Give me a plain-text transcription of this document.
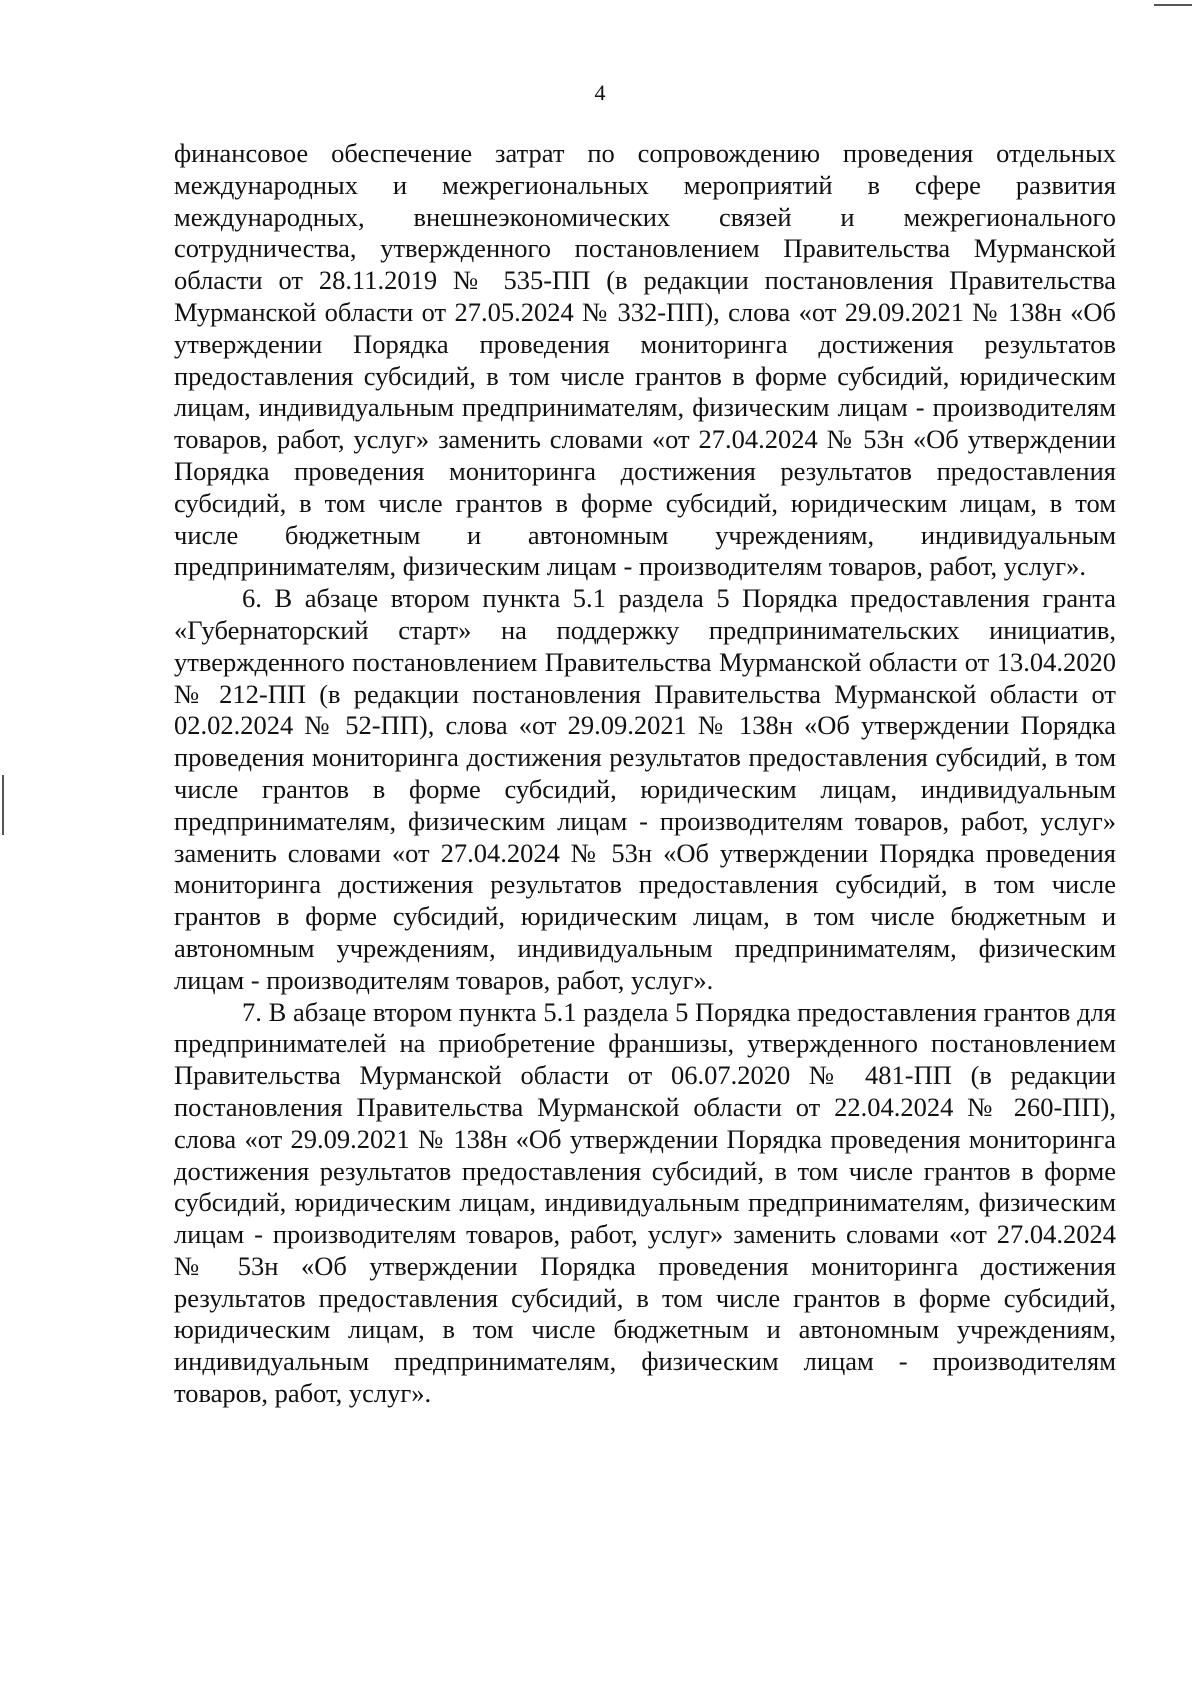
4

финансовое обеспечение затрат по сопровождению проведения отдельных международных и межрегиональных мероприятий в сфере развития международных, внешнеэкономических связей и межрегионального сотрудничества, утвержденного постановлением Правительства Мурманской области от 28.11.2019 № 535-ПП (в редакции постановления Правительства Мурманской области от 27.05.2024 № 332-ПП), слова «от 29.09.2021 № 138н «Об утверждении Порядка проведения мониторинга достижения результатов предоставления субсидий, в том числе грантов в форме субсидий, юридическим лицам, индивидуальным предпринимателям, физическим лицам - производителям товаров, работ, услуг» заменить словами «от 27.04.2024 № 53н «Об утверждении Порядка проведения мониторинга достижения результатов предоставления субсидий, в том числе грантов в форме субсидий, юридическим лицам, в том числе бюджетным и автономным учреждениям, индивидуальным предпринимателям, физическим лицам - производителям товаров, работ, услуг».

6. В абзаце втором пункта 5.1 раздела 5 Порядка предоставления гранта «Губернаторский старт» на поддержку предпринимательских инициатив, утвержденного постановлением Правительства Мурманской области от 13.04.2020 № 212-ПП (в редакции постановления Правительства Мурманской области от 02.02.2024 № 52-ПП), слова «от 29.09.2021 № 138н «Об утверждении Порядка проведения мониторинга достижения результатов предоставления субсидий, в том числе грантов в форме субсидий, юридическим лицам, индивидуальным предпринимателям, физическим лицам - производителям товаров, работ, услуг» заменить словами «от 27.04.2024 № 53н «Об утверждении Порядка проведения мониторинга достижения результатов предоставления субсидий, в том числе грантов в форме субсидий, юридическим лицам, в том числе бюджетным и автономным учреждениям, индивидуальным предпринимателям, физическим лицам - производителям товаров, работ, услуг».

7. В абзаце втором пункта 5.1 раздела 5 Порядка предоставления грантов для предпринимателей на приобретение франшизы, утвержденного постановлением Правительства Мурманской области от 06.07.2020 № 481-ПП (в редакции постановления Правительства Мурманской области от 22.04.2024 № 260-ПП), слова «от 29.09.2021 № 138н «Об утверждении Порядка проведения мониторинга достижения результатов предоставления субсидий, в том числе грантов в форме субсидий, юридическим лицам, индивидуальным предпринимателям, физическим лицам - производителям товаров, работ, услуг» заменить словами «от 27.04.2024 № 53н «Об утверждении Порядка проведения мониторинга достижения результатов предоставления субсидий, в том числе грантов в форме субсидий, юридическим лицам, в том числе бюджетным и автономным учреждениям, индивидуальным предпринимателям, физическим лицам - производителям товаров, работ, услуг».
